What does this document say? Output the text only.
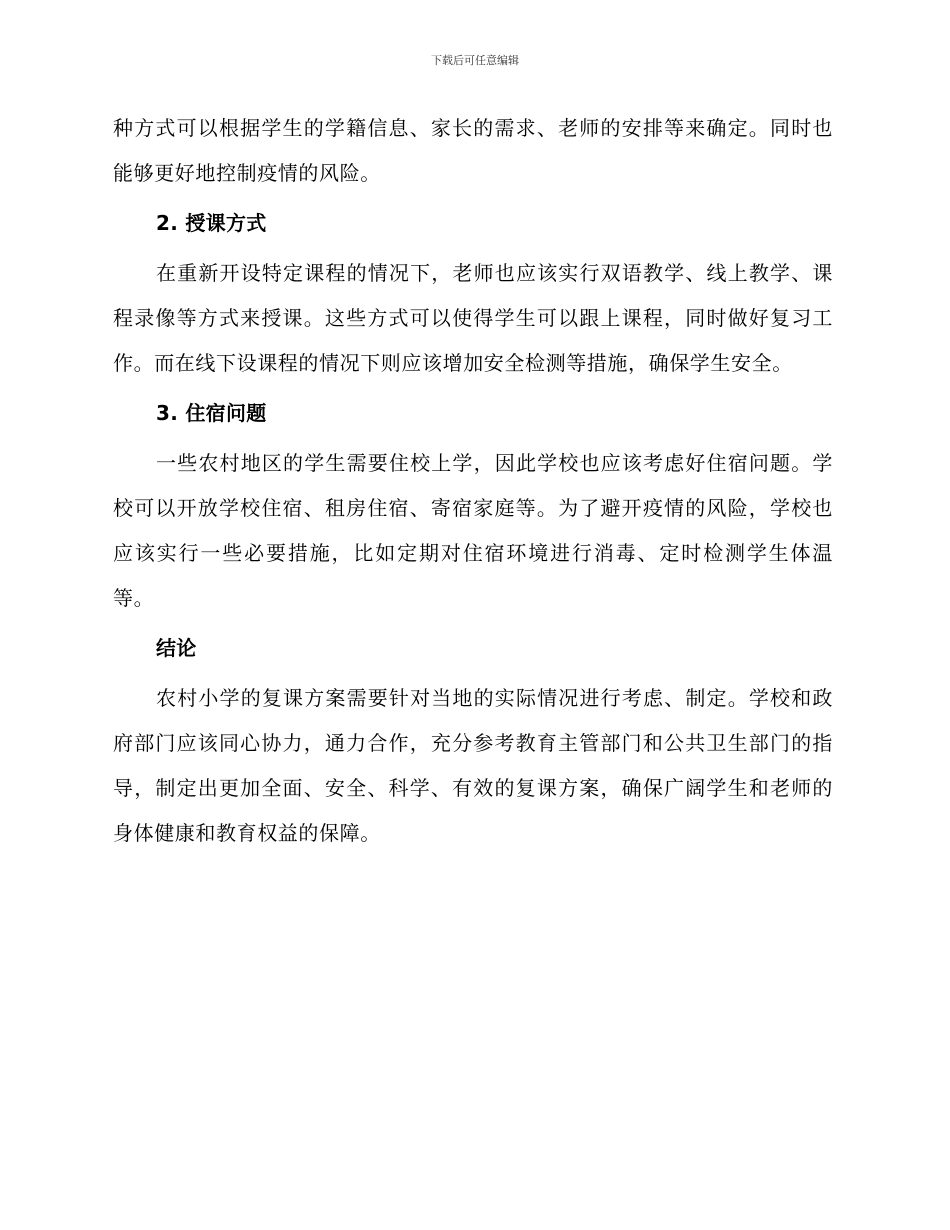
下载后可任意编辑

种方式可以根据学生的学籍信息、家长的需求、老师的安排等来确定。同时也能够更好地控制疫情的风险。

2. 授课方式

在重新开设特定课程的情况下，老师也应该实行双语教学、线上教学、课程录像等方式来授课。这些方式可以使得学生可以跟上课程，同时做好复习工作。而在线下设课程的情况下则应该增加安全检测等措施，确保学生安全。

3. 住宿问题

一些农村地区的学生需要住校上学，因此学校也应该考虑好住宿问题。学校可以开放学校住宿、租房住宿、寄宿家庭等。为了避开疫情的风险，学校也应该实行一些必要措施，比如定期对住宿环境进行消毒、定时检测学生体温等。

结论

农村小学的复课方案需要针对当地的实际情况进行考虑、制定。学校和政府部门应该同心协力，通力合作，充分参考教育主管部门和公共卫生部门的指导，制定出更加全面、安全、科学、有效的复课方案，确保广阔学生和老师的身体健康和教育权益的保障。
